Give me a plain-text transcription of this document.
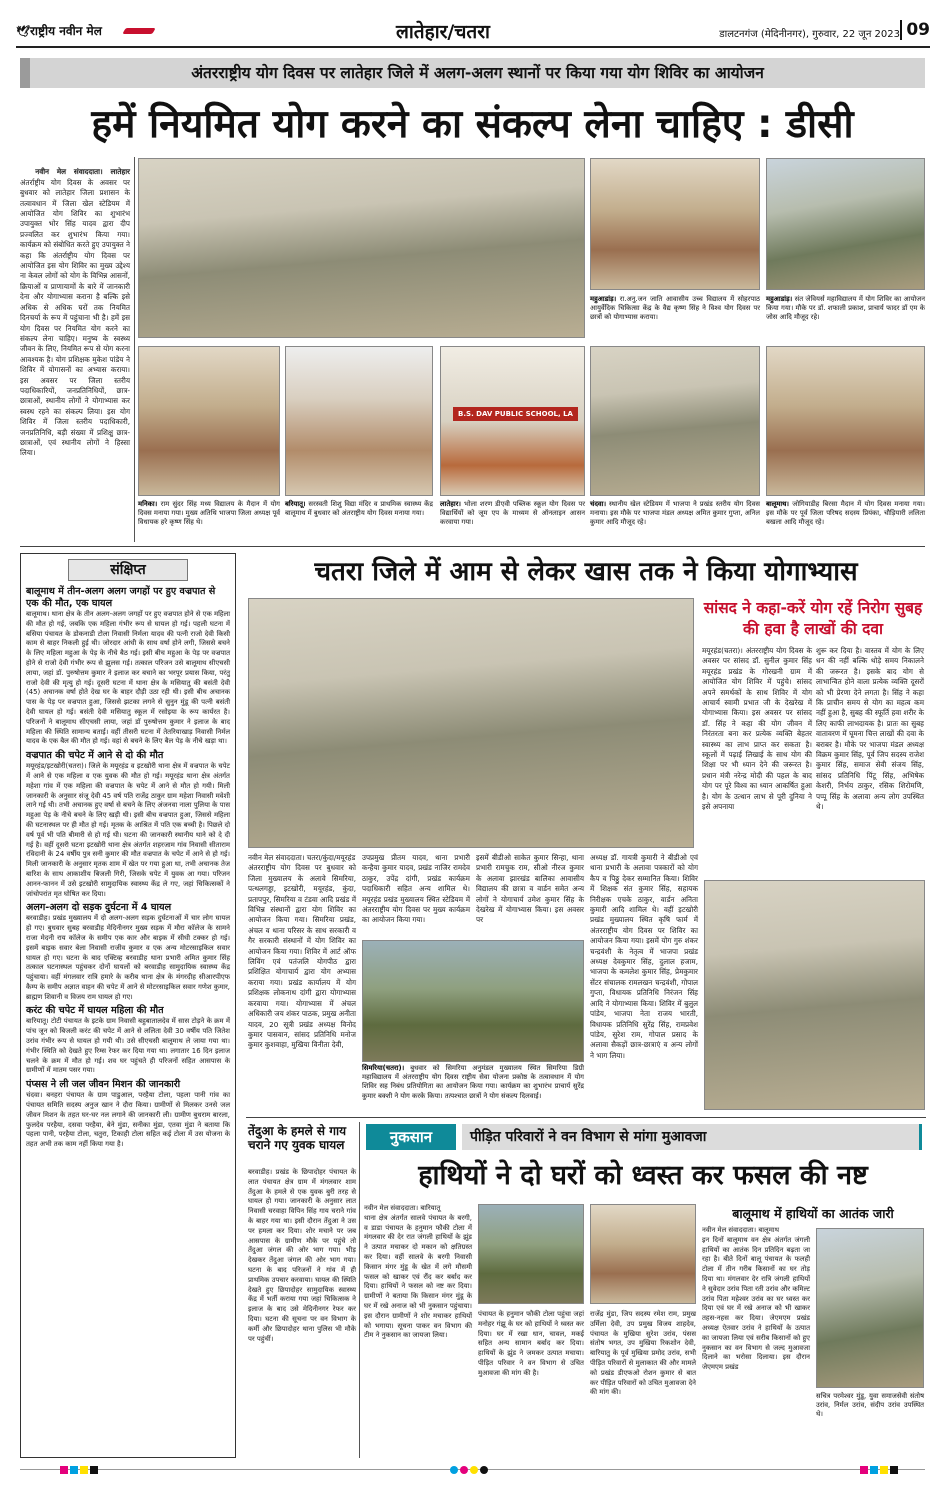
🕊राष्ट्रीय नवीन मेल	लातेहार/चतरा	डालटनगंज (मेदिनीनगर), गुरुवार, 22 जून 2023 09
अंतरराष्ट्रीय योग दिवस पर लातेहार जिले में अलग-अलग स्थानों पर किया गया योग शिविर का आयोजन
हमें नियमित योग करने का संकल्प लेना चाहिए : डीसी

नवीन मेल संवाददाता। लातेहार अंतर्राष्ट्रीय योग दिवस के अवसर पर बुधवार को लातेहार जिला प्रशासन के तत्वावधान में जिला खेल स्टेडियम में आयोजित योग शिविर का शुभारंभ उपायुक्त भोर सिंह यादव द्वारा दीप प्रज्वलित कर शुभारंभ किया गया। कार्यक्रम को संबोधित करते हुए उपायुक्त ने कहा कि अंतर्राष्ट्रीय योग दिवस पर आयोजित इस योग शिविर का मुख्य उद्देश्य ना केवल लोगों को योग के विभिन्न आसनों, क्रियाओं व प्राणायामों के बारे में जानकारी देना और योगाभ्यास कराना है बल्कि इसे अधिक से अधिक घरों तक नियमित दिनचर्या के रूप में पहुंचाना भी है। हमें इस योग दिवस पर नियमित योग करने का संकल्प लेना चाहिए। मनुष्य के स्वस्थ्य जीवन के लिए, नियमित रूप से योग करना आवश्यक है। योग प्रशिक्षक मुकेश पांडेय ने शिविर में योगासनों का अभ्यास कराया। इस अवसर पर जिला स्तरीय पदाधिकारियों, जनप्रतिनिधियों, छात्र-छात्राओं, स्थानीय लोगों ने योगाभ्यास कर स्वस्थ रहने का संकल्प लिया। इस योग शिविर में जिला स्तरीय पदाधिकारी, जनप्रतिनिधि, बड़ी संख्या में प्रशिक्षु छात्र-छात्राओं, एवं स्थानीय लोगों ने हिस्सा लिया।

महुआडांड़। रा.अनु.जन जाति आवासीय उच्च विद्यालय में सोहरपाठ आयुर्वेदिक चिकित्सा केंद्र के वैद्य कृष्ण सिंह ने विश्व योग दिवस पर छात्रों को योगाभ्यास कराया।
महुआडांड़। संत जेवियर्स महाविद्यालय में योग शिविर का आयोजन किया गया। मौके पर डॉ. शफाली प्रकाश, प्राचार्य फादर डॉ एम के जोस आदि मौजूद रहे।
B.S. DAV PUBLIC SCHOOL, LA
मनिका। राम सुंदर सिंह मध्य विद्यालय के मैदान में योग दिवस मनाया गया। मुख्य अतिथि भाजपा जिला अध्यक्ष पूर्व विधायक हरे कृष्ण सिंह थे।
बरियातू। सरस्वती शिशु विद्या मंदिर व प्राथमिक स्वास्थ्य केंद्र बालूमाथ में बुधवार को अंतराष्ट्रीय योग दिवस मनाया गया।
लातेहार। भोला शरण डीएवी पब्लिक स्कूल योग दिवस पर विद्यार्थियों को जूम एप के माध्यम से ऑनलाइन आसन करवाया गया।
चंदवा। स्थानीय खेल स्टेडियम में भाजपा ने प्रखंड स्तरीय योग दिवस मनाया। इस मौके पर भाजपा मंडल अध्यक्ष अमित कुमार गुप्ता, अनिल कुमार आदि मौजूद रहे।
बालूमाथ। जोगियाडीह बिरसा मैदान में योग दिवस मनाया गया। इस मौके पर पूर्व जिला परिषद सदस्य प्रियंका, चौड़ियारी ललिता बखला आदि मौजूद रहे।
संक्षिप्त
बालूमाथ में तीन-अलग अलग जगहों पर हुए वज्रपात से एक की मौत, एक घायल
बालूमाथ। थाना क्षेत्र के तीन अलग-अलग जगहों पर हुए वज्रपात होने से एक महिला की मौत हो गई, जबकि एक महिला गंभीर रूप से घायल हो गई। पहली घटना में बसिया पंचायत के डोकनाडी टोला निवासी निर्मला यादव की पत्नी राजो देवी किसी काम से बाहर निकली हुई थी। जोरदार आंधी के साथ वर्षा होने लगी, जिससे बचने के लिए महिला महुआ के पेड़ के नीचे बैठ गई। इसी बीच महुआ के पेड़ पर वज्रपात होने से राजो देवी गंभीर रूप से झुलस गई। तत्काल परिजन उसे बालूमाथ सीएचसी लाया, जहां डॉ. पुरुषोत्तम कुमार ने इलाज कर बचाने का भरपूर प्रयास किया, परंतु राजो देवी की मृत्यु हो गई। दूसरी घटना में थाना क्षेत्र के मसियातु की बसंती देवी (45) अचानक वर्षा होते देख घर के बाहर दौड़ी उठा रही थी। इसी बीच अचानक पास के पेड़ पर वज्रपात हुआ, जिससे झटका लगने से सुनुन मुंडू की पत्नी बसंती देवी घायल हो गई। बसंती देवी मसियातु स्कूल में रसोइया के रूप कार्यरत है। परिजनों ने बालूमाथ सीएचसी लाया, जहां डॉ पुरुषोत्तम कुमार ने इलाज के बाद महिला की स्थिति सामान्य बताई। वहीं तीसरी घटना में तेतरियाखाड़ निवासी निर्मल यादव के एक बैल की मौत हो गई। वहां से बचने के लिए बैल पेड़ के नीचे खड़ा था।
वज्रपात की चपेट में आने से दो की मौत
मयूरहंड/इटखोरी(चतरा)। जिले के मयूरहंड व इटखोरी थाना क्षेत्र में वज्रपात के चपेट में आने से एक महिला व एक युवक की मौत हो गई। मयूरहंड थाना क्षेत्र अंतर्गत महेशा गांव में एक महिला की वज्रपात के चपेट में आने से मौत हो गयी। मिली जानकारी के अनुसार संजू देवी 45 वर्ष पति राजेंद्र ठाकुर ग्राम महेशा निवासी मवेशी लाने गई थी। तभी अचानक हुए वर्षा से बचने के लिए अंजनवा नाला पुलिया के पास महुआ पेड़ के नीचे बचने के लिए खड़ी थी। इसी बीच वज्रपात हुआ, जिससे महिला की घटनास्थल पर ही मौत हो गई। मृतक के आश्रित में पति एक बच्ची है। पिछले दो वर्ष पूर्व भी पति बीमारी से हो गई थी। घटना की जानकारी स्थानीय थाने को दे दी गई है। वहीं दूसरी घटना इटखोरी थाना क्षेत्र अंतर्गत शहरजाम गांव निवासी सीताराम रविदानी के 24 वर्षीय पुत्र सनी कुमार की मौत वज्रपात के चपेट में आने से हो गई। मिली जानकारी के अनुसार मृतक शाम में खेत पर गया हुआ था, तभी अचानक तेज बारिश के साथ आकाशीय बिजली गिरी, जिसके चपेट में युवक आ गया। परिजन आनन-फानन में उसे इटखोरी सामुदायिक स्वास्थ्य केंद्र ले गए, जहां चिकित्सकों ने जांचोपरांत मृत घोषित कर दिया।
अलग-अलग दो सड़क दुर्घटना में 4 घायल
बरवाडीह। प्रखंड मुख्यालय में दो अलग-अलग सड़क दुर्घटनाओं में चार लोग घायल हो गए। बुधवार सुबह बरवाडीह मेदिनीनगर मुख्य सड़क में मौरा कॉलेज के सामने राजा मेदनी राय कॉलेज के समीप एक कार और बाइक में सीधी टक्कर हो गई। इसमें बाइक सवार बेला निवासी राजीव कुमार व एक अन्य मोटरसाइकिल सवार घायल हो गए। घटना के बाद एक्टिव्ह बरवाडीह थाना प्रभारी अमित कुमार सिंह तत्काल घटनास्थल पहुंचकर दोनों घायलों को बरवाडीह सामुदायिक स्वास्थ्य केंद्र पहुंचाया। वहीं मंगलवार रात्रि हमारे के करीब थाना क्षेत्र के मंगरदीह सीआरपीएफ कैम्प के समीप अज्ञात वाहन की चपेट में आने से मोटरसाइकिल सवार गणेश कुमार, ब्राह्मण शिवानी व विजय राम घायल हो गए।
करंट की चपेट में घायल महिला की मौत
बारियातू। टोटी पंचायत के इटके ग्राम निवासी बहुबातालदेव में सास टोड़ने के क्रम में पांच जून को बिजली करंट की चपेट में आने से ललिता देवी 30 वर्षीय पति जितेश उरांव गंभीर रूप से घायल हो गयी थी। उसे सीएचसी बालूमाथ ले जाया गया था। गंभीर स्थिति को देखते हुए रिम्स रेफर कर दिया गया था। लगातार 16 दिन इलाज चलने के क्रम में मौत हो गई। शव घर पहुंचते ही परिजनों सहित आसपास के ग्रामीणों में मातम पसर गया।
पंप्सस ने ली जल जीवन मिशन की जानकारी
चंदवा। बनहरा पंचायत के ग्राम पाडुआल, परहैया टोला, पहला पानी गांव का पंचायत समिति सदस्य अनुज खान ने दौरा किया। ग्रामीणों से मिलकर उनसे जल जीवन मिशन के तहत घर-घर नल लगाने की जानकारी ली। ग्रामीण बुधराम बारला, फुलदेव परहैया, दसवा परहैया, बेने मुंडा, सनीका मुंडा, एतवा मुंडा ने बताया कि पहला पानी, परहैया टोला, चतुरा, टिकाही टोला सहित कई टोला में उस योजना के तहत अभी तक काम नहीं किया गया है।
चतरा जिले में आम से लेकर खास तक ने किया योगाभ्यास
सांसद ने कहा-करें योग रहें निरोग सुबह की हवा है लाखों की दवा
मयूरहंड(चतरा)। अंतरराष्ट्रीय योग दिवस के अवसर पर सांसद डॉ. सुनील कुमार सिंह मयूरहंड प्रखंड के गोरखनी ग्राम में आयोजित योग शिविर में पहुंचे। सांसद अपने समर्थकों के साथ शिविर में योग आचार्य स्वामी प्रभात जी के देखरेख में योगाभ्यास किया। इस अवसर पर सांसद डॉ. सिंह ने कहा की योग जीवन में निरंतरता बना कर प्रत्येक व्यक्ति बेहतर स्वास्थ्य का लाभ प्राप्त कर सकता है। स्कूलों में पढ़ाई लिखाई के साथ योग की शिक्षा पर भी ध्यान देने की जरूरत है। प्रधान मंत्री नरेन्द्र मोदी की पहल के बाद योग पर पूरे विश्व का ध्यान आकर्षित हुआ है। योग के उत्थान लाभ से पूरी दुनिया ने इसे अपनाया
शुरू कर दिया है। वास्तव में योग के लिए धन की नहीं बल्कि थोड़े समय निकालने की जरूरत है। इसके बाद योग से लाभान्वित होने वाला प्रत्येक व्यक्ति दूसरों को भी प्रेरणा देने लगता है। सिंह ने कहा कि प्राचीन समय से योग का महत्व कम नहीं हुआ है, सुबह की स्फूर्ति हवा शरीर के लिए काफी लाभदायक है। प्रातः का सुबह वातावरण में घूमना चित्त लाखों की दवा के बराबर है। मौके पर भाजपा मंडल अध्यक्ष विक्रम कुमार सिंह, पूर्व जिप सदस्य राजेश कुमार सिंह, समाज सेवी संजय सिंह, सांसद प्रतिनिधि पिंटू सिंह, अभिषेक केशरी, निर्भय ठाकुर, रसिक शिरोमणि, पप्पू सिंह के अलावा अन्य लोग उपस्थित थे।
नवीन मेल संवाददाता। चतरा/कुंदा/मयूरहंड
अंतरराष्ट्रीय योग दिवस पर बुधवार को जिला मुख्यालय के अलावे सिमरिया, पत्थलगड्डा, इटखोरी, मयूरहंड, कुंदा, प्रतापपुर, सिमरिया व टंडवा आदि प्रखंड में विभिन्न संस्थानों द्वारा योग शिविर का आयोजन किया गया। सिमरिया प्रखंड, अंचल व थाना परिसर के साथ सरकारी व गैर सरकारी संस्थानों में योग शिविर का आयोजन किया गया। शिविर में आर्ट ऑफ लिविंग एवं पतंजलि योगपीठ द्वारा प्रशिक्षित योगाचार्य द्वारा योग अभ्यास कराया गया। प्रखंड कार्यालय में योग प्रशिक्षक लोकनाथ दांगी द्वारा योगाभ्यास करवाया गया। योगाभ्यास में अंचल अधिकारी जय शंकर पाठक, प्रमुख अनीता यादव, 20 सूत्री प्रखंड अध्यक्ष विनोद कुमार पासवान, सांसद प्रतिनिधि मनोज कुमार कुशवाहा, मुखिया विनीता देवी,
उपप्रमुख प्रीतम यादव, थाना प्रभारी कन्हैया कुमार यादव, प्रखंड नाजिर रामदेव ठाकुर, उपेंद्र दांगी, प्रखंड कार्यक्रम पदाधिकारी सहित अन्य शामिल थे। मयूरहंड प्रखंड मुख्यालय स्थित स्टेडियम में अंतरराष्ट्रीय योग दिवस पर मुख्य कार्यक्रम का आयोजन किया गया।
इसमें बीडीओ साकेत कुमार सिन्हा, थाना प्रभारी रामचुक राम, सीओ नीरज कुमार के अलावा झारखंड बालिका आवासीय विद्यालय की छात्रा व वार्डन समेत अन्य लोगों ने योगाचार्य उमेश कुमार सिंह के देखरेख में योगाभ्यास किया। इस अवसर पर
सिमरिया(चतरा)। बुधवार को सिमरिया अनुमंडल मुख्यालय स्थित सिमरिया डिग्री महाविद्यालय में अंतरराष्ट्रीय योग दिवस राष्ट्रीय सेवा योजना प्रकोष्ठ के तत्वावधान में योग शिविर सह निबंध प्रतियोगिता का आयोजन किया गया। कार्यक्रम का शुभारंभ प्राचार्य सुरेंद्र कुमार बक्शी ने योग करके किया। तत्पश्चात छात्रों ने योग संकल्प दिलवाई।
अध्यक्ष डॉ. गायत्री कुमारी ने बीडीओ एवं थाना प्रभारी के अलावा पत्रकारों को योग कैप व पिठ्ठु देकर सम्मानित किया। शिविर में शिक्षक संत कुमार सिंह, सहायक निरीक्षक एचके ठाकुर, वार्डन अनिता कुमारी आदि शामिल थे। वहीं इटखोरी प्रखंड मुख्यालय स्थित कृषि फार्म में अंतरराष्ट्रीय योग दिवस पर शिविर का आयोजन किया गया। इसमें योग गुरु शंकर चन्द्रवंशी के नेतृत्व में भाजपा प्रखंड अध्यक्ष देवकुमार सिंह, दुलाल हजाम, भाजपा के कमलेश कुमार सिंह, प्रेमकुमार सेंटर संचालक रामलखन चन्द्रवंशी, गोपाल गुप्ता, विधायक प्रतिनिधि निरंजन सिंह आदि ने योगाभ्यास किया। शिविर में बुलुल पांडेय, भाजपा नेता राजय भारती, विधायक प्रतिनिधि सुरेंद्र सिंह, रामप्रवेश पांडेय, सुरेश राम, गोपाल प्रसाद के अलावा सैकड़ों छात्र-छात्राएं व अन्य लोगों ने भाग लिया।
तेंदुआ के हमले से गाय चराने गए युवक घायल
बरवाडीह। प्रखंड के छिपादोहर पंचायत के लात पंचायत क्षेत्र ग्राम में मंगलवार शाम तेंदुआ के हमले से एक युवक बुरी तरह से घायल हो गया। जानकारी के अनुसार लात निवासी चरवाहा विपिन सिंह गाय चराने गांव के बाहर गया था। इसी दौरान तेंदुआ ने उस पर हमला कर दिया। शोर मचाने पर जब आसपास के ग्रामीण मौके पर पहुंचे तो तेंदुआ जंगल की ओर भाग गया। भीड़ देखकर तेंदुआ जंगल की ओर भाग गया। घटना के बाद परिजनों ने गांव में ही प्राथमिक उपचार करवाया। घायल की स्थिति देखते हुए छिपादोहर सामुदायिक स्वास्थ्य केंद्र में भर्ती कराया गया जहां चिकित्सक ने इलाज के बाद उसे मेदिनीनगर रेफर कर दिया। घटना की सूचना पर वन विभाग के कर्मी और छिपादोहर थाना पुलिस भी मौके पर पहुंचीं।
नुकसान	पीड़ित परिवारों ने वन विभाग से मांगा मुआवजा
हाथियों ने दो घरों को ध्वस्त कर फसल की नष्ट
नवीन मेल संवाददाता। बारियातू
थाना क्षेत्र अंतर्गत सालवे पंचायत के बरगी, व डाडा पंचायत के हनुमान फौकी टोला में मंगलवार की देर रात जंगली हाथियों के झुंड ने उत्पात मचाकर दो मकान को क्षतिग्रस्त कर दिया। वहीं सालवे के बरगी निवासी किसान मंगर मुंडू के खेत में लगे मौसमी फसल को खाकर एवं रौंद कर बर्बाद कर दिया। हाथियों ने फसल को नष्ट कर दिया। ग्रामीणों ने बताया कि किसान मंगर मुंडू के घर में रखे अनाज को भी नुकसान पहुंचाया। इस दौरान ग्रामीणों ने शोर मचाकर हाथियों को भगाया। सूचना पाकर वन विभाग की टीम ने नुकसान का जायजा लिया।
पंचायत के हनुमान फौकी टोला पहुंचा जहां मनोहर गंझू के घर को हाथियों ने ध्वस्त कर दिया। घर में रखा धान, चावल, मकई सहित अन्य सामान बर्बाद कर दिया। हाथियों के झुंड ने जमकर उत्पात मचाया। पीड़ित परिवार ने वन विभाग से उचित मुआवजा की मांग की है।
राजेंद्र मुंडा, जिप सदस्य रमेश राम, प्रमुख उर्मिला देवी, उप प्रमुख विजय शाहदेव, पंचायत के मुखिया सुरेश उरांव, पंसस संतोष भगत, उप मुखिया रिकशोन देवी, बारियातु के पूर्व मुखिया प्रमोद उरांव, सभी पीड़ित परिवारों से मुलाकात की और मामले को प्रखंड डीएफओ रोशन कुमार से बात कर पीड़ित परिवारों को उचित मुआवजा देने की मांग की।
बालूमाथ में हाथियों का आतंक जारी
नवीन मेल संवाददाता। बालूमाथ
इन दिनों बालूमाथ वन क्षेत्र अंतर्गत जंगली हाथियों का आतंक दिन प्रतिदिन बढ़ता जा रहा है। बीते दिनों बालू पंचायत के फलही टोला में तीन गरीब किसानों का घर तोड़ दिया था। मंगलवार देर रात्रि जंगली हाथियों ने सुवेदार उरांव पिता रती उरांव और कमिल्ट उरांव पिता महेश्वर उरांव का घर ध्वस्त कर दिया एवं घर में रखे अनाज को भी खाकर तहस-नहस कर दिया। जेएमएम प्रखंड अध्यक्ष ऐतवार उरांव ने हाथियों के उत्पात का जायजा लिया एवं सरीब किसानों को हुए नुकसान का वन विभाग से जल्द मुआवजा दिलाने का भरोसा दिलाया। इस दौरान जेएमएम प्रखंड
सचित्र परमेश्वर मुंडू, युवा समाजसेवी संतोष उरांव, निर्मल उरांव, संदीप उरांव उपस्थित थे।
